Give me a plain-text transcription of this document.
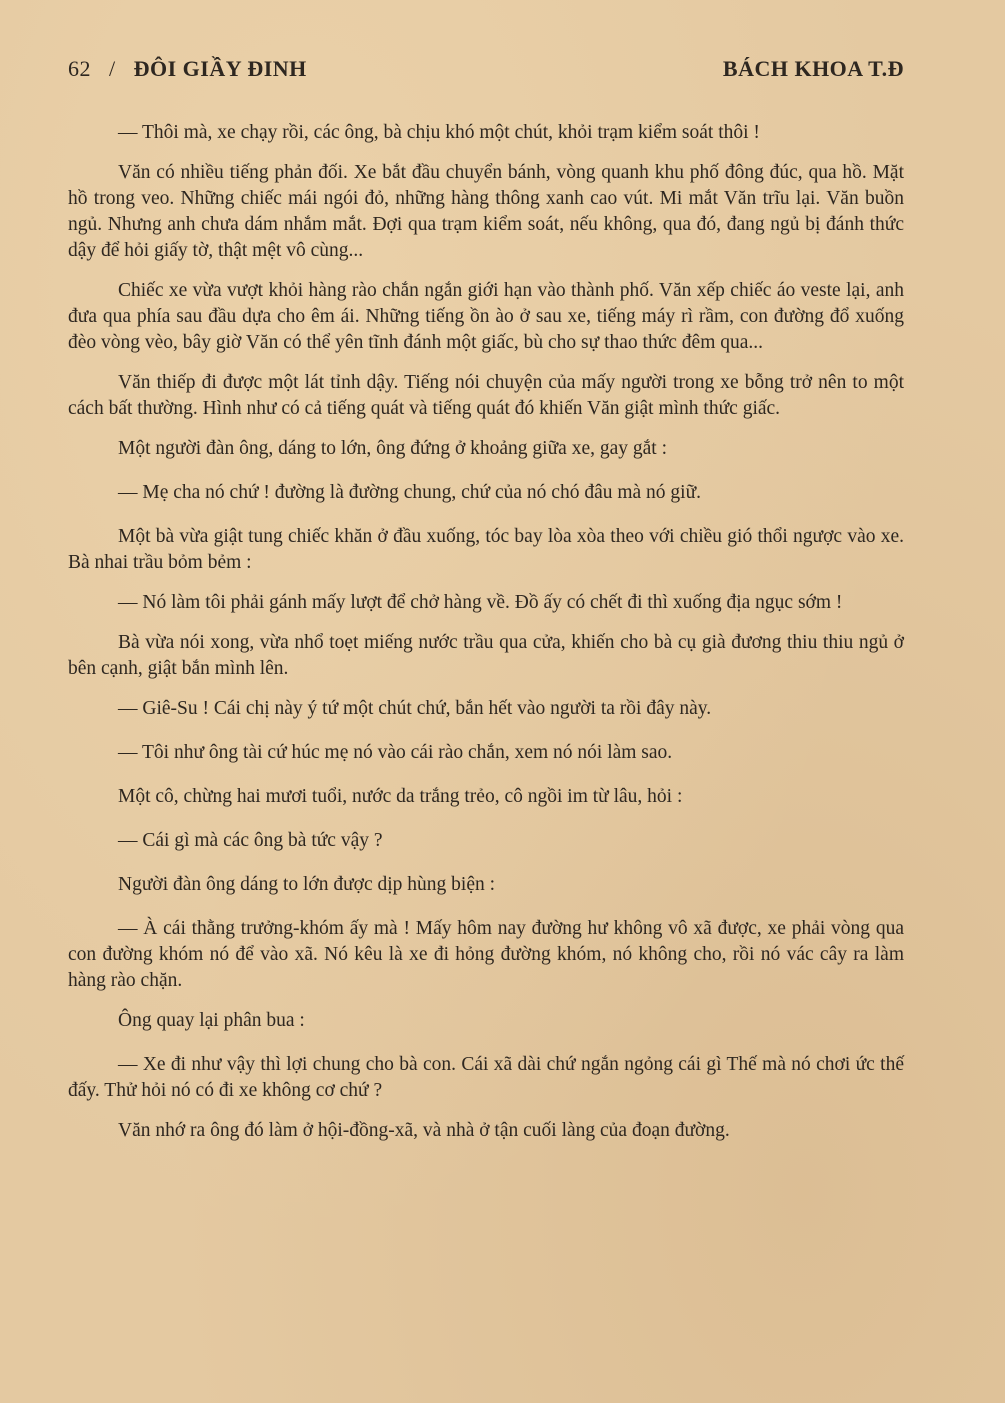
62 / ĐÔI GIẦY ĐINH	BÁCH KHOA T.Đ

— Thôi mà, xe chạy rồi, các ông, bà chịu khó một chút, khỏi trạm kiểm soát thôi !

Văn có nhiều tiếng phản đối. Xe bắt đầu chuyển bánh, vòng quanh khu phố đông đúc, qua hồ. Mặt hồ trong veo. Những chiếc mái ngói đỏ, những hàng thông xanh cao vút. Mi mắt Văn trĩu lại. Văn buồn ngủ. Nhưng anh chưa dám nhắm mắt. Đợi qua trạm kiểm soát, nếu không, qua đó, đang ngủ bị đánh thức dậy để hỏi giấy tờ, thật mệt vô cùng...

Chiếc xe vừa vượt khỏi hàng rào chắn ngắn giới hạn vào thành phố. Văn xếp chiếc áo veste lại, anh đưa qua phía sau đầu dựa cho êm ái. Những tiếng ồn ào ở sau xe, tiếng máy rì rầm, con đường đổ xuống đèo vòng vèo, bây giờ Văn có thể yên tĩnh đánh một giấc, bù cho sự thao thức đêm qua...

Văn thiếp đi được một lát tỉnh dậy. Tiếng nói chuyện của mấy người trong xe bỗng trở nên to một cách bất thường. Hình như có cả tiếng quát và tiếng quát đó khiến Văn giật mình thức giấc.

Một người đàn ông, dáng to lớn, ông đứng ở khoảng giữa xe, gay gắt :

— Mẹ cha nó chứ ! đường là đường chung, chứ của nó chó đâu mà nó giữ.

Một bà vừa giật tung chiếc khăn ở đầu xuống, tóc bay lòa xòa theo với chiều gió thổi ngược vào xe. Bà nhai trầu bỏm bẻm :

— Nó làm tôi phải gánh mấy lượt để chở hàng về. Đồ ấy có chết đi thì xuống địa ngục sớm !

Bà vừa nói xong, vừa nhổ toẹt miếng nước trầu qua cửa, khiến cho bà cụ già đương thiu thiu ngủ ở bên cạnh, giật bắn mình lên.

— Giê-Su ! Cái chị này ý tứ một chút chứ, bắn hết vào người ta rồi đây này.

— Tôi như ông tài cứ húc mẹ nó vào cái rào chắn, xem nó nói làm sao.

Một cô, chừng hai mươi tuổi, nước da trắng trẻo, cô ngồi im từ lâu, hỏi :

— Cái gì mà các ông bà tức vậy ?

Người đàn ông dáng to lớn được dịp hùng biện :

— À cái thằng trưởng-khóm ấy mà ! Mấy hôm nay đường hư không vô xã được, xe phải vòng qua con đường khóm nó để vào xã. Nó kêu là xe đi hỏng đường khóm, nó không cho, rồi nó vác cây ra làm hàng rào chặn.

Ông quay lại phân bua :

— Xe đi như vậy thì lợi chung cho bà con. Cái xã dài chứ ngắn ngỏng cái gì Thế mà nó chơi ức thế đấy. Thử hỏi nó có đi xe không cơ chứ ?

Văn nhớ ra ông đó làm ở hội-đồng-xã, và nhà ở tận cuối làng của đoạn đường.
